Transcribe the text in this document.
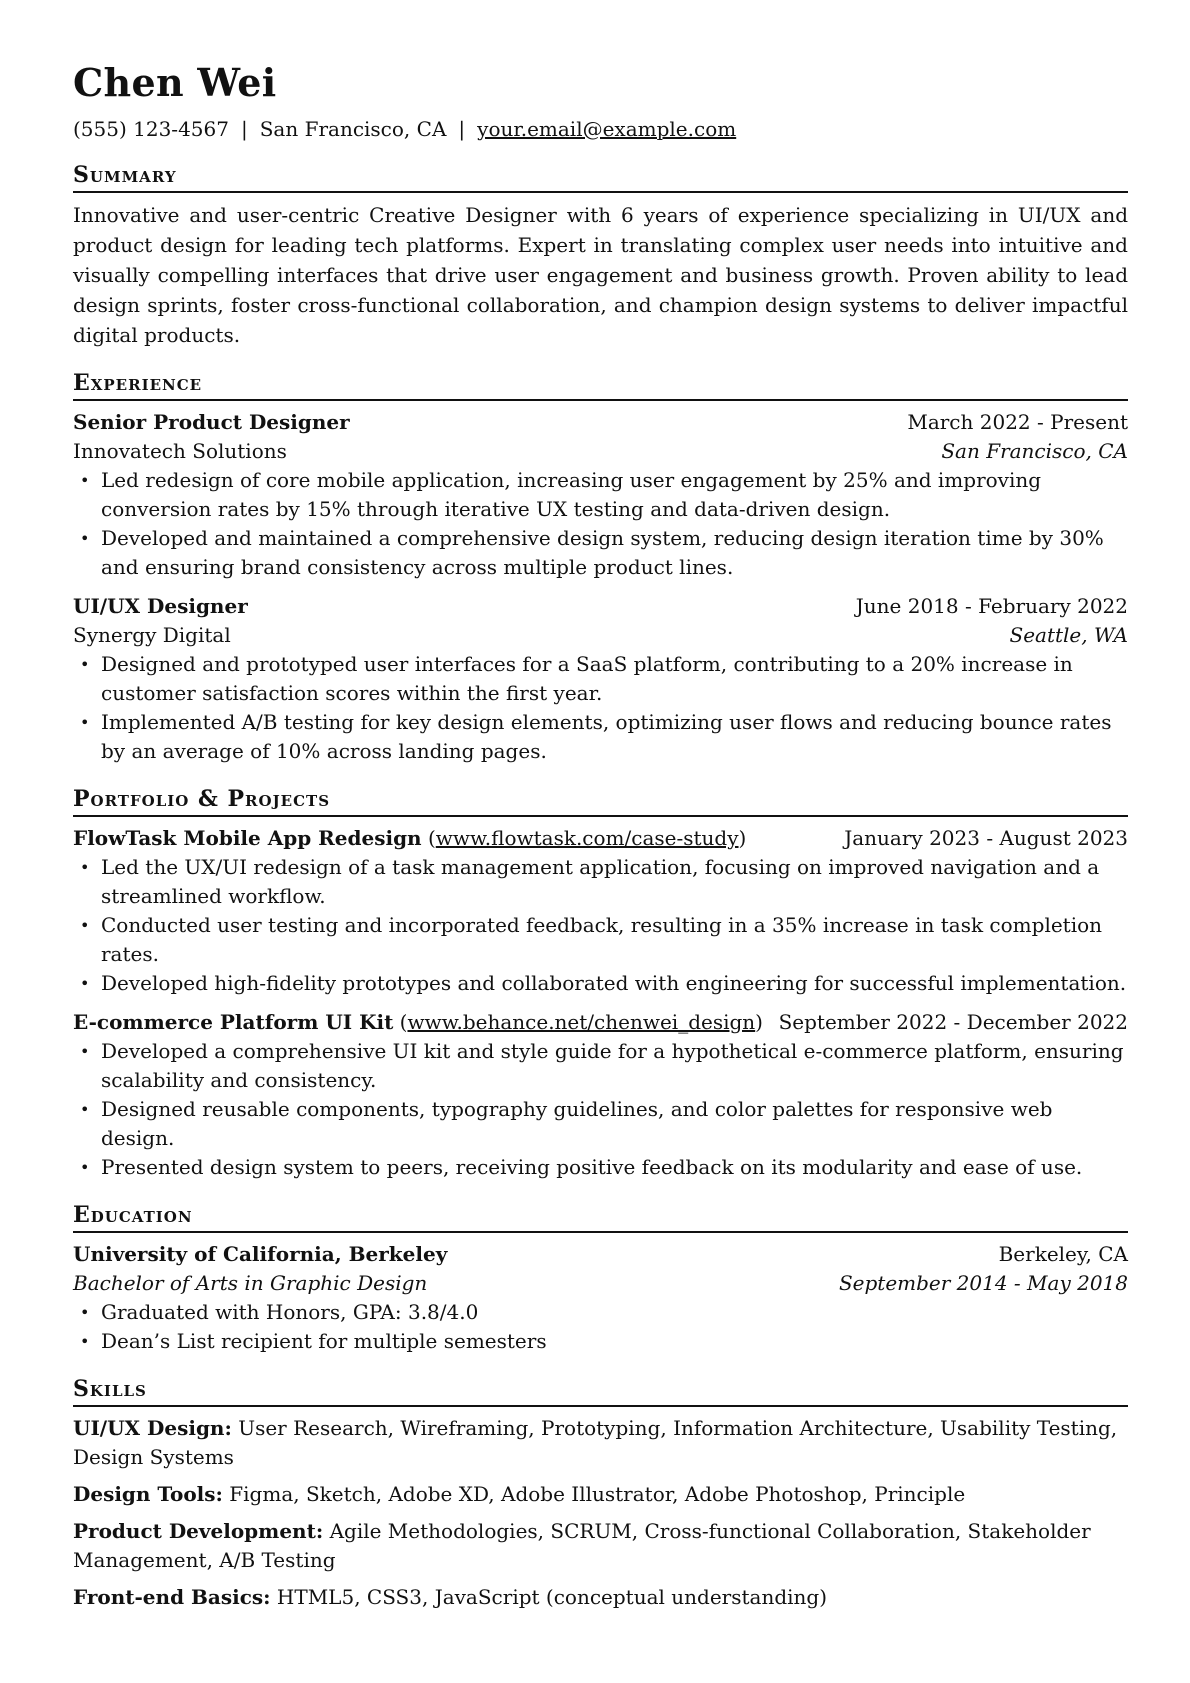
Chen Wei
(555) 123-4567 | San Francisco, CA | your.email@example.com
Summary

Innovative and user-centric Creative Designer with 6 years of experience specializing in UI/UX and product design for leading tech platforms. Expert in translating complex user needs into intuitive and visually compelling interfaces that drive user engagement and business growth. Proven ability to lead design sprints, foster cross-functional collaboration, and champion design systems to deliver impactful digital products.

Experience
Senior Product Designer	March 2022 - Present
Innovatech Solutions	San Francisco, CA
• Led redesign of core mobile application, increasing user engagement by 25% and improving conversion rates by 15% through iterative UX testing and data-driven design.
• Developed and maintained a comprehensive design system, reducing design iteration time by 30% and ensuring brand consistency across multiple product lines.
UI/UX Designer	June 2018 - February 2022
Synergy Digital	Seattle, WA
• Designed and prototyped user interfaces for a SaaS platform, contributing to a 20% increase in customer satisfaction scores within the first year.
• Implemented A/B testing for key design elements, optimizing user flows and reducing bounce rates by an average of 10% across landing pages.
Portfolio & Projects
FlowTask Mobile App Redesign (www.flowtask.com/case-study)	January 2023 - August 2023
• Led the UX/UI redesign of a task management application, focusing on improved navigation and a streamlined workflow.
• Conducted user testing and incorporated feedback, resulting in a 35% increase in task completion rates.
• Developed high-fidelity prototypes and collaborated with engineering for successful implementation.
E-commerce Platform UI Kit (www.behance.net/chenwei_design) September 2022 - December 2022
• Developed a comprehensive UI kit and style guide for a hypothetical e-commerce platform, ensuring scalability and consistency.
• Designed reusable components, typography guidelines, and color palettes for responsive web design.
• Presented design system to peers, receiving positive feedback on its modularity and ease of use.
Education
University of California, Berkeley	Berkeley, CA
Bachelor of Arts in Graphic Design	September 2014 - May 2018
• Graduated with Honors, GPA: 3.8/4.0
• Dean’s List recipient for multiple semesters
Skills
UI/UX Design: User Research, Wireframing, Prototyping, Information Architecture, Usability Testing, Design Systems
Design Tools: Figma, Sketch, Adobe XD, Adobe Illustrator, Adobe Photoshop, Principle
Product Development: Agile Methodologies, SCRUM, Cross-functional Collaboration, Stakeholder Management, A/B Testing
Front-end Basics: HTML5, CSS3, JavaScript (conceptual understanding)
